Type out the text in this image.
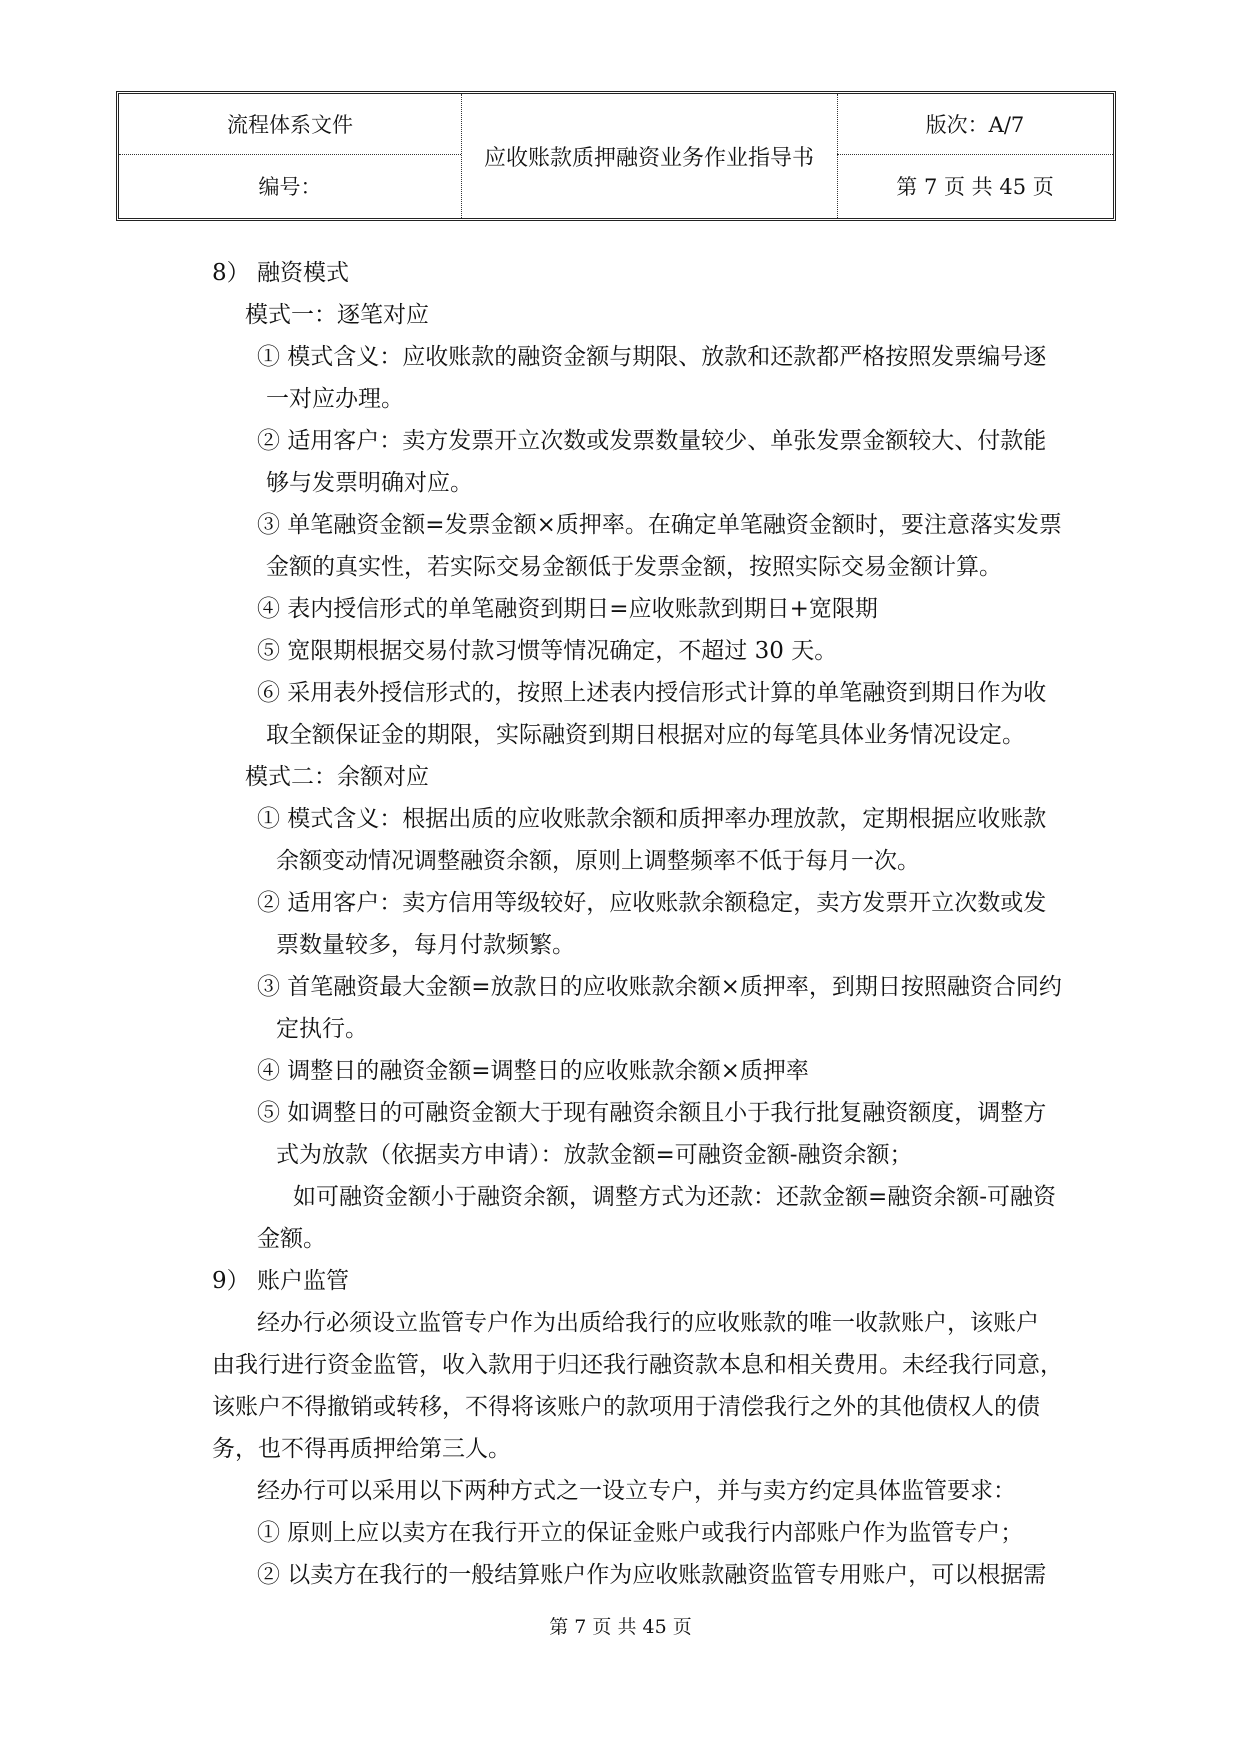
流程体系文件
编号：
应收账款质押融资业务作业指导书
版次：A/7
第 7 页 共 45 页
8） 融资模式
模式一：逐笔对应
① 模式含义：应收账款的融资金额与期限、放款和还款都严格按照发票编号逐
一对应办理。
② 适用客户：卖方发票开立次数或发票数量较少、单张发票金额较大、付款能
够与发票明确对应。
③ 单笔融资金额=发票金额×质押率。在确定单笔融资金额时，要注意落实发票
金额的真实性，若实际交易金额低于发票金额，按照实际交易金额计算。
④ 表内授信形式的单笔融资到期日=应收账款到期日+宽限期
⑤ 宽限期根据交易付款习惯等情况确定，不超过 30 天。
⑥ 采用表外授信形式的，按照上述表内授信形式计算的单笔融资到期日作为收
取全额保证金的期限，实际融资到期日根据对应的每笔具体业务情况设定。
模式二：余额对应
① 模式含义：根据出质的应收账款余额和质押率办理放款，定期根据应收账款
余额变动情况调整融资余额，原则上调整频率不低于每月一次。
② 适用客户：卖方信用等级较好，应收账款余额稳定，卖方发票开立次数或发
票数量较多，每月付款频繁。
③ 首笔融资最大金额=放款日的应收账款余额×质押率，到期日按照融资合同约
定执行。
④ 调整日的融资金额=调整日的应收账款余额×质押率
⑤ 如调整日的可融资金额大于现有融资余额且小于我行批复融资额度，调整方
式为放款（依据卖方申请）：放款金额=可融资金额-融资余额；
如可融资金额小于融资余额，调整方式为还款：还款金额=融资余额-可融资
金额。
9） 账户监管
经办行必须设立监管专户作为出质给我行的应收账款的唯一收款账户，该账户
由我行进行资金监管，收入款用于归还我行融资款本息和相关费用。未经我行同意，
该账户不得撤销或转移，不得将该账户的款项用于清偿我行之外的其他债权人的债
务，也不得再质押给第三人。
经办行可以采用以下两种方式之一设立专户，并与卖方约定具体监管要求：
① 原则上应以卖方在我行开立的保证金账户或我行内部账户作为监管专户；
② 以卖方在我行的一般结算账户作为应收账款融资监管专用账户，可以根据需
第 7 页 共 45 页
